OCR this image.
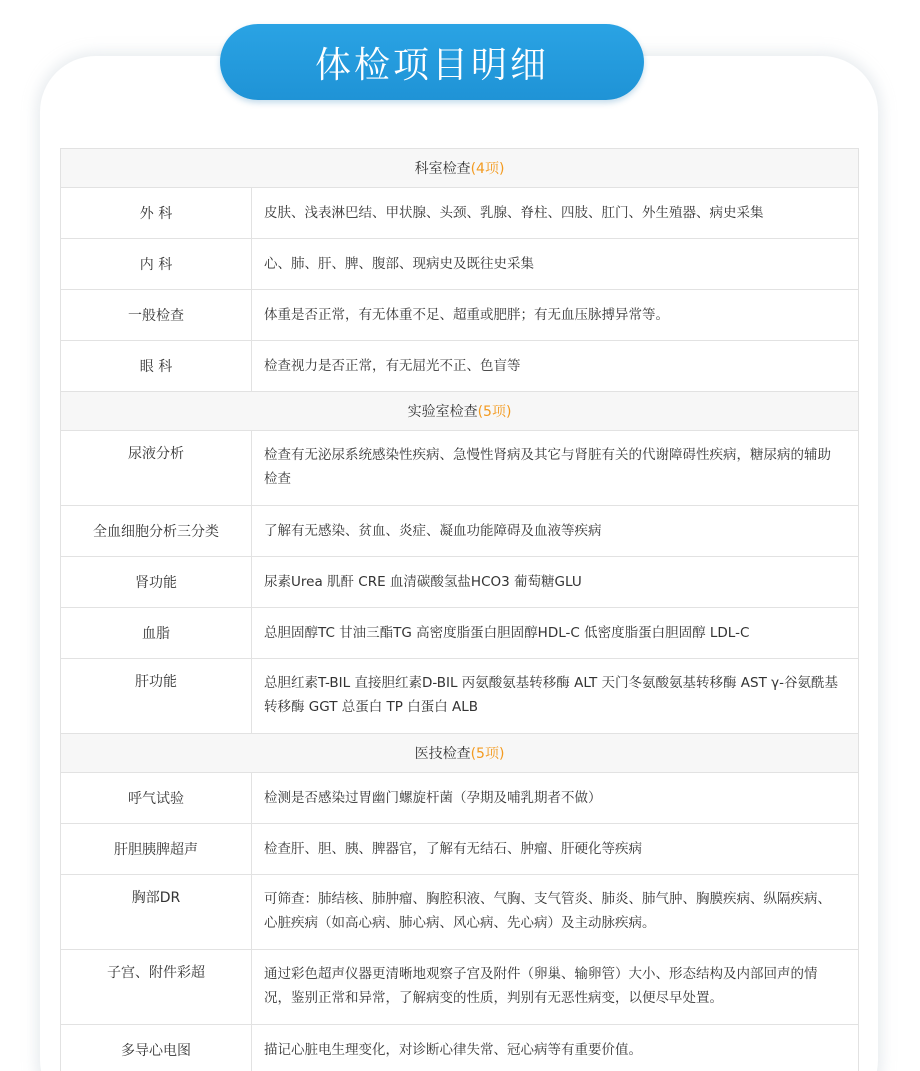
体检项目明细
科室检查 (4项)
外 科	皮肤、浅表淋巴结、甲状腺、头颈、乳腺、脊柱、四肢、肛门、外生殖器、病史采集
内 科	心、肺、肝、脾、腹部、现病史及既往史采集
一般检查	体重是否正常，有无体重不足、超重或肥胖；有无血压脉搏异常等。
眼 科	检查视力是否正常，有无屈光不正、色盲等
实验室检查 (5项)
尿液分析	检查有无泌尿系统感染性疾病、急慢性肾病及其它与肾脏有关的代谢障碍性疾病，糖尿病的辅助检查
全血细胞分析三分类	了解有无感染、贫血、炎症、凝血功能障碍及血液等疾病
肾功能	尿素Urea 肌酐 CRE 血清碳酸氢盐HCO3 葡萄糖GLU
血脂	总胆固醇TC 甘油三酯TG 高密度脂蛋白胆固醇HDL-C 低密度脂蛋白胆固醇 LDL-C
肝功能	总胆红素T-BIL 直接胆红素D-BIL 丙氨酸氨基转移酶 ALT 天门冬氨酸氨基转移酶 AST γ-谷氨酰基转移酶 GGT 总蛋白 TP 白蛋白 ALB
医技检查 (5项)
呼气试验	检测是否感染过胃幽门螺旋杆菌（孕期及哺乳期者不做）
肝胆胰脾超声	检查肝、胆、胰、脾器官，了解有无结石、肿瘤、肝硬化等疾病
胸部DR	可筛查：肺结核、肺肿瘤、胸腔积液、气胸、支气管炎、肺炎、肺气肿、胸膜疾病、纵隔疾病、心脏疾病（如高心病、肺心病、风心病、先心病）及主动脉疾病。
子宫、附件彩超	通过彩色超声仪器更清晰地观察子宫及附件（卵巢、输卵管）大小、形态结构及内部回声的情况，鉴别正常和异常，了解病变的性质，判别有无恶性病变，以便尽早处置。
多导心电图	描记心脏电生理变化，对诊断心律失常、冠心病等有重要价值。
